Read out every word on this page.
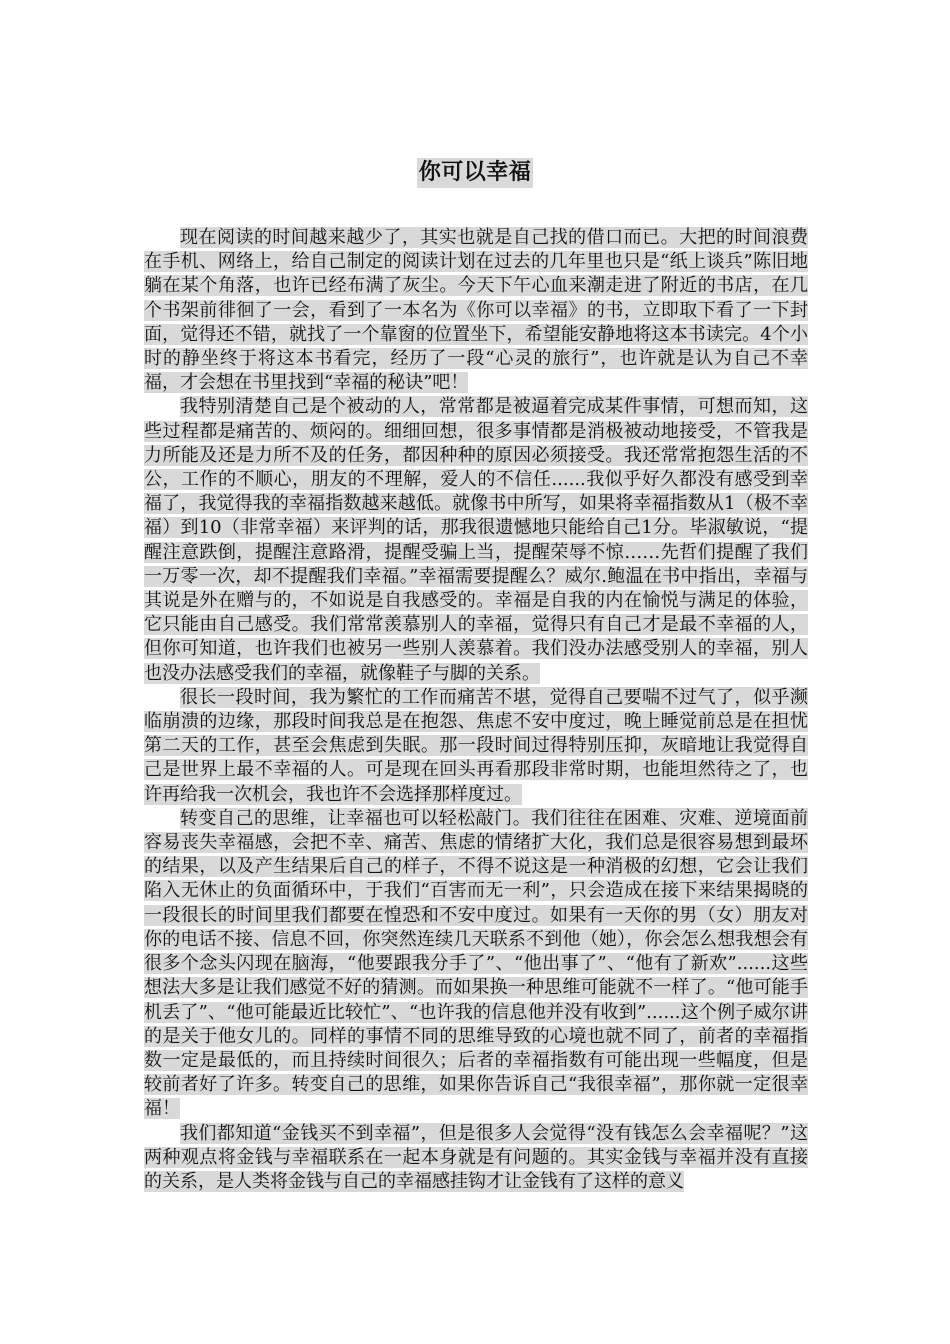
你可以幸福

现在阅读的时间越来越少了，其实也就是自己找的借口而已。大把的时间浪费在手机、网络上，给自己制定的阅读计划在过去的几年里也只是“纸上谈兵”陈旧地躺在某个角落，也许已经布满了灰尘。今天下午心血来潮走进了附近的书店，在几个书架前徘徊了一会，看到了一本名为《你可以幸福》的书，立即取下看了一下封面，觉得还不错，就找了一个靠窗的位置坐下，希望能安静地将这本书读完。4个小时的静坐终于将这本书看完，经历了一段“心灵的旅行”，也许就是认为自己不幸福，才会想在书里找到“幸福的秘诀”吧！

我特别清楚自己是个被动的人，常常都是被逼着完成某件事情，可想而知，这些过程都是痛苦的、烦闷的。细细回想，很多事情都是消极被动地接受，不管我是力所能及还是力所不及的任务，都因种种的原因必须接受。我还常常抱怨生活的不公，工作的不顺心，朋友的不理解，爱人的不信任......我似乎好久都没有感受到幸福了，我觉得我的幸福指数越来越低。就像书中所写，如果将幸福指数从1（极不幸福）到10（非常幸福）来评判的话，那我很遗憾地只能给自己1分。毕淑敏说，“提醒注意跌倒，提醒注意路滑，提醒受骗上当，提醒荣辱不惊……先哲们提醒了我们一万零一次，却不提醒我们幸福。”幸福需要提醒么？威尔.鲍温在书中指出，幸福与其说是外在赠与的，不如说是自我感受的。幸福是自我的内在愉悦与满足的体验，它只能由自己感受。我们常常羡慕别人的幸福，觉得只有自己才是最不幸福的人，但你可知道，也许我们也被另一些别人羡慕着。我们没办法感受别人的幸福，别人也没办法感受我们的幸福，就像鞋子与脚的关系。

很长一段时间，我为繁忙的工作而痛苦不堪，觉得自己要喘不过气了，似乎濒临崩溃的边缘，那段时间我总是在抱怨、焦虑不安中度过，晚上睡觉前总是在担忧第二天的工作，甚至会焦虑到失眠。那一段时间过得特别压抑，灰暗地让我觉得自己是世界上最不幸福的人。可是现在回头再看那段非常时期，也能坦然待之了，也许再给我一次机会，我也许不会选择那样度过。

转变自己的思维，让幸福也可以轻松敲门。我们往往在困难、灾难、逆境面前容易丧失幸福感，会把不幸、痛苦、焦虑的情绪扩大化，我们总是很容易想到最坏的结果，以及产生结果后自己的样子，不得不说这是一种消极的幻想，它会让我们陷入无休止的负面循环中，于我们“百害而无一利”，只会造成在接下来结果揭晓的一段很长的时间里我们都要在惶恐和不安中度过。如果有一天你的男（女）朋友对你的电话不接、信息不回，你突然连续几天联系不到他（她），你会怎么想我想会有很多个念头闪现在脑海，“他要跟我分手了”、“他出事了”、“他有了新欢”......这些想法大多是让我们感觉不好的猜测。而如果换一种思维可能就不一样了。“他可能手机丢了”、“他可能最近比较忙”、“也许我的信息他并没有收到”......这个例子威尔讲的是关于他女儿的。同样的事情不同的思维导致的心境也就不同了，前者的幸福指数一定是最低的，而且持续时间很久；后者的幸福指数有可能出现一些幅度，但是较前者好了许多。转变自己的思维，如果你告诉自己“我很幸福”，那你就一定很幸福！

我们都知道“金钱买不到幸福”，但是很多人会觉得“没有钱怎么会幸福呢？”这两种观点将金钱与幸福联系在一起本身就是有问题的。其实金钱与幸福并没有直接的关系，是人类将金钱与自己的幸福感挂钩才让金钱有了这样的意义
